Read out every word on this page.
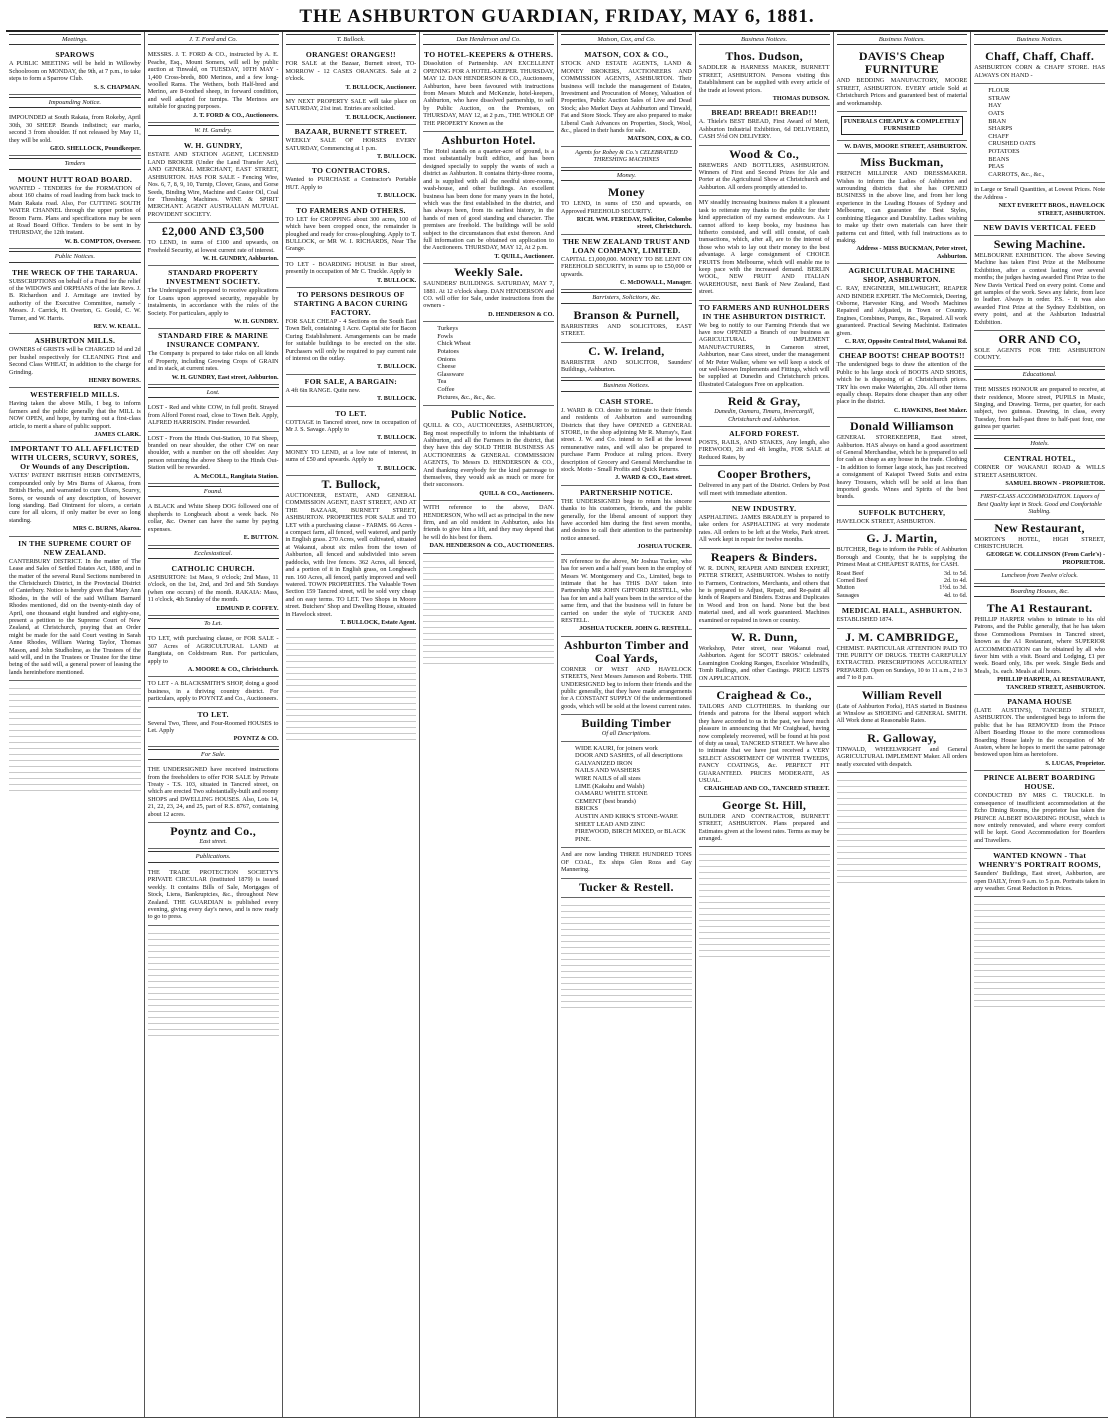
THE ASHBURTON GUARDIAN, FRIDAY, MAY 6, 1881.
Meetings.
SPAROWS
A PUBLIC MEETING will be held in Willowby Schoolroom on MONDAY, the 9th, at 7 p.m., to take steps to form a Sparrow Club.
S. S. CHAPMAN.
Impounding Notice.
IMPOUNDED at South Rakaia, from Rokeby, April 30th, 30 SHEEP. Brands indistinct; ear marks, second 3 from shoulder. If not released by May 11, they will be sold.
GEO. SHELLOCK, Poundkeeper.
Tenders
MOUNT HUTT ROAD BOARD.
WANTED - TENDERS for the FORMATION of about 160 chains of road leading from back track to Main Rakaia road. Also, For CUTTING SOUTH WATER CHANNEL through the upper portion of Broom Farm. Plans and specifications may be seen at Road Board Office. Tenders to be sent in by THURSDAY, the 12th instant.
W. B. COMPTON, Overseer.
Public Notices.
THE WRECK OF THE TARARUA.
SUBSCRIPTIONS on behalf of a Fund for the relief of the WIDOWS and ORPHANS of the late Revs. J. B. Richardson and J. Armitage are invited by authority of the Executive Committee, namely - Messrs. J. Carrick, H. Overton, G. Gould, C. W. Turner, and W. Harris.
REV. W. KEALL.
ASHBURTON MILLS.
OWNERS of GRISTS will be CHARGED 1d and 2d per bushel respectively for CLEANING First and Second Class WHEAT, in addition to the charge for Grinding.
HENRY BOWERS.
WESTERFIELD MILLS.
Having taken the above Mills, I beg to inform farmers and the public generally that the MILL is NOW OPEN, and hope, by turning out a first-class article, to merit a share of public support.
JAMES CLARK.
IMPORTANT TO ALL AFFLICTED WITH ULCERS, SCURVY, SORES, Or Wounds of any Description.
YATES' PATENT BRITISH HERB OINTMENTS, compounded only by Mrs Burns of Akaroa, from British Herbs, and warranted to cure Ulcers, Scurvy, Sores, or wounds of any description, of however long standing. Bad Ointment for ulcers, a certain cure for all ulcers, if only matter be ever so long standing.
MRS C. BURNS, Akaroa.
IN THE SUPREME COURT OF NEW ZEALAND.
CANTERBURY DISTRICT. In the matter of The Lease and Sales of Settled Estates Act, 1880, and in the matter of the several Rural Sections numbered in the Christchurch District, in the Provincial District of Canterbury. Notice is hereby given that Mary Ann Rhodes, in the will of the said William Barnard Rhodes mentioned, did on the twenty-ninth day of April, one thousand eight hundred and eighty-one, present a petition to the Supreme Court of New Zealand, at Christchurch, praying that an Order might be made for the said Court vesting in Sarah Anne Rhodes, William Waring Taylor, Thomas Mason, and John Studholme, as the Trustees of the said will, and in the Trustees or Trustee for the time being of the said will, a general power of leasing the lands hereinbefore mentioned.
J. T. Ford and Co.
MESSRS. J. T. FORD & CO., instructed by A. E. Peache, Esq., Mount Somers, will sell by public auction at Tinwald, on TUESDAY, 10TH MAY - 1,400 Cross-breds, 800 Merinos, and a few long-woolled Rams. The Wethers, both Half-bred and Merino, are 8-toothed sheep, in forward condition, and well adapted for turnips. The Merinos are suitable for grazing purposes.
J. T. FORD & CO., Auctioneers.
W. H. Gundry.
W. H. GUNDRY,
ESTATE AND STATION AGENT, LICENSED LAND BROKER (Under the Land Transfer Act), AND GENERAL MERCHANT, EAST STREET, ASHBURTON. HAS FOR SALE - Fencing Wire, Nos. 6, 7, 8, 9, 10, Turnip, Clover, Grass, and Gorse Seeds, Binding Wire, Machine and Castor Oil, Coal for Threshing Machines. WINE & SPIRIT MERCHANT. AGENT AUSTRALIAN MUTUAL PROVIDENT SOCIETY.
£2,000 AND £3,500
TO LEND, in sums of £100 and upwards, on Freehold Security, at lowest current rate of interest.
W. H. GUNDRY, Ashburton.
STANDARD PROPERTY INVESTMENT SOCIETY.
The Undersigned is prepared to receive applications for Loans upon approved security, repayable by instalments, in accordance with the rules of the Society. For particulars, apply to
W. H. GUNDRY.
STANDARD FIRE & MARINE INSURANCE COMPANY.
The Company is prepared to take risks on all kinds of Property, including Growing Crops of GRAIN and in stack, at current rates.
W. H. GUNDRY, East street, Ashburton.
Lost.
LOST - Red and white COW, in full profit. Strayed from Alford Forest road, close to Town Belt. Apply, ALFRED HARRISON. Finder rewarded.
LOST - From the Hinds Out-Station, 10 Fat Sheep, branded on near shoulder, the other CW on near shoulder, with a number on the off shoulder. Any person returning the above Sheep to the Hinds Out-Station will be rewarded.
A. McCOLL, Rangitata Station.
Found.
A BLACK and White Sheep DOG followed one of shepherds to Longbeach about a week back. No collar, &c. Owner can have the same by paying expenses.
E. BUTTON.
Ecclesiastical.
CATHOLIC CHURCH.
ASHBURTON: 1st Mass, 9 o'clock; 2nd Mass, 11 o'clock, on the 1st, 2nd, and 3rd and 5th Sundays (when one occurs) of the month. RAKAIA: Mass, 11 o'clock, 4th Sunday of the month.
EDMUND P. COFFEY.
To Let.
TO LET, with purchasing clause, or FOR SALE - 307 Acres of AGRICULTURAL LAND at Rangitata, on Coldstream Run. For particulars, apply to
A. MOORE & CO., Christchurch.
TO LET - A BLACKSMITH'S SHOP, doing a good business, in a thriving country district. For particulars, apply to POYNTZ and Co., Auctioneers.
TO LET.
Several Two, Three, and Four-Roomed HOUSES to Let. Apply
POYNTZ & CO.
For Sale.
THE UNDERSIGNED have received instructions from the freeholders to offer FOR SALE by Private Treaty - T.S. 103, situated in Tancred street, on which are erected Two substantially-built and roomy SHOPS and DWELLING HOUSES. Also, Lots 14, 21, 22, 23, 24, and 25, part of R.S. 8767, containing about 12 acres.
Poyntz and Co.,
East street.
Publications.
THE TRADE PROTECTION SOCIETY'S PRIVATE CIRCULAR (instituted 1879) is issued weekly. It contains Bills of Sale, Mortgages of Stock, Liens, Bankruptcies, &c., throughout New Zealand. THE GUARDIAN is published every evening, giving every day's news, and is now ready to go to press.
T. Bullock.
ORANGES! ORANGES!!
FOR SALE at the Bazaar, Burnett street, TO-MORROW - 12 CASES ORANGES. Sale at 2 o'clock.
T. BULLOCK, Auctioneer.
MY NEXT PROPERTY SALE will take place on SATURDAY, 21st inst. Entries are solicited.
T. BULLOCK, Auctioneer.
BAZAAR, BURNETT STREET.
WEEKLY SALE OF HORSES EVERY SATURDAY, Commencing at 1 p.m.
T. BULLOCK.
TO CONTRACTORS.
Wanted to PURCHASE a Contractor's Portable HUT. Apply to
T. BULLOCK.
TO FARMERS AND OTHERS.
TO LET for CROPPING about 300 acres, 100 of which have been cropped once, the remainder is ploughed and ready for cross-ploughing. Apply to T. BULLOCK, or MR W. I. RICHARDS, Near The Grange.
TO LET - BOARDING HOUSE in Bur street, presently in occupation of Mr C. Truckle. Apply to
T. BULLOCK.
TO PERSONS DESIROUS OF STARTING A BACON CURING FACTORY.
FOR SALE CHEAP - 4 Sections on the South East Town Belt, containing 1 Acre. Capital site for Bacon Curing Establishment. Arrangements can be made for suitable buildings to be erected on the site. Purchasers will only be required to pay current rate of interest on the outlay.
T. BULLOCK.
FOR SALE, A BARGAIN:
A 4ft 6in RANGE. Quite new.
T. BULLOCK.
TO LET.
COTTAGE in Tancred street, now in occupation of Mr J. S. Savage. Apply to
T. BULLOCK.
MONEY TO LEND, at a low rate of interest, in sums of £50 and upwards. Apply to
T. BULLOCK.
T. Bullock,
AUCTIONEER, ESTATE, AND GENERAL COMMISSION AGENT, EAST STREET, AND AT THE BAZAAR, BURNETT STREET, ASHBURTON. PROPERTIES FOR SALE and TO LET with a purchasing clause - FARMS. 66 Acres - a compact farm, all fenced, well watered, and partly in English grass. 270 Acres, well cultivated, situated at Wakanui, about six miles from the town of Ashburton, all fenced and subdivided into seven paddocks, with live fences. 362 Acres, all fenced, and a portion of it in English grass, on Longbeach run. 160 Acres, all fenced, partly improved and well watered. TOWN PROPERTIES. The Valuable Town Section 159 Tancred street, will be sold very cheap and on easy terms. TO LET. Two Shops in Moore street. Butchers' Shop and Dwelling House, situated in Havelock street.
T. BULLOCK, Estate Agent.
Dan Henderson and Co.
TO HOTEL-KEEPERS & OTHERS.
Dissolution of Partnership. AN EXCELLENT OPENING FOR A HOTEL-KEEPER. THURSDAY, MAY 12. DAN HENDERSON & CO., Auctioneers, Ashburton, have been favoured with instructions from Messrs Mutch and McKenzie, hotel-keepers, Ashburton, who have dissolved partnership, to sell by Public Auction, on the Premises, on THURSDAY, MAY 12, at 2 p.m., THE WHOLE OF THE PROPERTY Known as the
Ashburton Hotel.
The Hotel stands on a quarter-acre of ground, is a most substantially built edifice, and has been designed specially to supply the wants of such a district as Ashburton. It contains thirty-three rooms, and is supplied with all the needful store-rooms, wash-house, and other buildings. An excellent business has been done for many years in the hotel, which was the first established in the district, and has always been, from its earliest history, in the hands of men of good standing and character. The premises are freehold. The buildings will be sold subject to the circumstances that exist thereon. And full information can be obtained on application to the Auctioneers. THURSDAY, MAY 12, At 2 p.m.
T. QUILL, Auctioneer.
Weekly Sale.
SAUNDERS' BUILDINGS. SATURDAY, MAY 7, 1881. At 12 o'clock sharp. DAN HENDERSON and CO. will offer for Sale, under instructions from the owners -
D. HENDERSON & CO.
Turkeys
Fowls
Chick Wheat
Potatoes
Onions
Cheese
Glassware
Tea
Coffee
Pictures, &c., &c., &c.
Public Notice.
QUILL & CO., AUCTIONEERS, ASHBURTON, Beg most respectfully to inform the inhabitants of Ashburton, and all the Farmers in the district, that they have this day SOLD THEIR BUSINESS AS AUCTIONEERS & GENERAL COMMISSION AGENTS, To Messrs D. HENDERSON & CO., And thanking everybody for the kind patronage to themselves, they would ask as much or more for their successors.
QUILL & CO., Auctioneers.
WITH reference to the above, DAN. HENDERSON, Who will act as principal in the new firm, and an old resident in Ashburton, asks his friends to give him a lift, and they may depend that he will do his best for them.
DAN. HENDERSON & CO., AUCTIONEERS.
Matson, Cox, and Co.
MATSON, COX & CO.,
STOCK AND ESTATE AGENTS, LAND & MONEY BROKERS, AUCTIONEERS AND COMMISSION AGENTS, ASHBURTON. Their business will include the management of Estates, Investment and Procuration of Money, Valuation of Properties, Public Auction Sales of Live and Dead Stock; also Market Days at Ashburton and Tinwald, Fat and Store Stock. They are also prepared to make Liberal Cash Advances on Properties, Stock, Wool, &c., placed in their hands for sale.
MATSON, COX, & CO.
Agents for Robey & Co.'s CELEBRATED THRESHING MACHINES
Money.
Money
TO LEND, in sums of £50 and upwards, on Approved FREEHOLD SECURITY.
RICH. WM. FEREDAY, Solicitor, Colombo street, Christchurch.
THE NEW ZEALAND TRUST AND LOAN COMPANY, LIMITED.
CAPITAL £1,000,000. MONEY TO BE LENT ON FREEHOLD SECURITY, in sums up to £50,000 or upwards.
C. McDOWALL, Manager.
Barristers, Solicitors, &c.
Branson & Purnell,
BARRISTERS AND SOLICITORS, EAST STREET.
C. W. Ireland,
BARRISTER AND SOLICITOR, Saunders' Buildings, Ashburton.
Business Notices.
CASH STORE.
J. WARD & CO. desire to intimate to their friends and residents of Ashburton and surrounding Districts that they have OPENED a GENERAL STORE, in the shop adjoining Mr R. Murray's, East street. J. W. and Co. intend to Sell at the lowest remunerative rates, and will also be prepared to purchase Farm Produce at ruling prices. Every description of Grocery and General Merchandise in stock. Motto - Small Profits and Quick Returns.
J. WARD & CO., East street.
PARTNERSHIP NOTICE.
THE UNDERSIGNED begs to return his sincere thanks to his customers, friends, and the public generally, for the liberal amount of support they have accorded him during the first seven months, and desires to call their attention to the partnership notice annexed.
JOSHUA TUCKER.
IN reference to the above, Mr Joshua Tucker, who has for seven and a half years been in the employ of Messrs W. Montgomery and Co., Limited, begs to intimate that he has THIS DAY taken into Partnership MR JOHN GIFFORD RESTELL, who has for ten and a half years been in the service of the same firm, and that the business will in future be carried on under the style of TUCKER AND RESTELL.
JOSHUA TUCKER. JOHN G. RESTELL.
Ashburton Timber and Coal Yards,
CORNER OF WEST AND HAVELOCK STREETS, Next Messrs Jameson and Roberts. THE UNDERSIGNED beg to inform their friends and the public generally, that they have made arrangements for A CONSTANT SUPPLY Of the undermentioned goods, which will be sold at the lowest current rates.
Building Timber
Of all Descriptions.
WIDE KAURI, for joiners work
DOOR AND SASHES, of all descriptions
GALVANIZED IRON
NAILS AND WASHERS
WIRE NAILS of all sizes
LIME (Kakahu and Walsh)
OAMARU WHITE STONE
CEMENT (best brands)
BRICKS
AUSTIN AND KIRK'S STONE-WARE
SHEET LEAD AND ZINC
FIREWOOD, BIRCH MIXED, or BLACK PINE.
And are now landing THREE HUNDRED TONS OF COAL, Ex ships Glen Roza and Gay Mannering.
Tucker & Restell.
Business Notices.
Thos. Dudson,
SADDLER & HARNESS MAKER, BURNETT STREET, ASHBURTON. Persons visiting this Establishment can be supplied with every article of the trade at lowest prices.
THOMAS DUDSON.
BREAD! BREAD!! BREAD!!!
A. Thiele's BEST BREAD, First Award of Merit, Ashburton Industrial Exhibition, 6d DELIVERED, CASH 5½d ON DELIVERY.
Wood & Co.,
BREWERS AND BOTTLERS, ASHBURTON. Winners of First and Second Prizes for Ale and Porter at the Agricultural Show at Christchurch and Ashburton. All orders promptly attended to.
MY steadily increasing business makes it a pleasant task to reiterate my thanks to the public for their kind appreciation of my earnest endeavours. As I cannot afford to keep books, my business has hitherto consisted, and will still consist, of cash transactions, which, after all, are to the interest of those who wish to lay out their money to the best advantage. A large consignment of CHOICE FRUITS from Melbourne, which will enable me to keep pace with the increased demand. BERLIN WOOL, NEW FRUIT AND ITALIAN WAREHOUSE, next Bank of New Zealand, East street.
TO FARMERS AND RUNHOLDERS IN THE ASHBURTON DISTRICT.
We beg to notify to our Farming Friends that we have now OPENED a Branch of our business as AGRICULTURAL IMPLEMENT MANUFACTURERS, in Cameron street, Ashburton, near Cass street, under the management of Mr Peter Walker, where we will keep a stock of our well-known Implements and Fittings, which will be supplied at Dunedin and Christchurch prices. Illustrated Catalogues Free on application.
Reid & Gray,
Dunedin, Oamaru, Timaru, Invercargill, Christchurch and Ashburton.
ALFORD FOREST.
POSTS, RAILS, AND STAKES, Any length, also FIREWOOD, 2ft and 4ft lengths, FOR SALE at Reduced Rates, by
Cooper Brothers,
Delivered in any part of the District. Orders by Post will meet with immediate attention.
NEW INDUSTRY.
ASPHALTING. JAMES BRADLEY is prepared to take orders for ASPHALTING at very moderate rates. All orders to be left at the Works, Park street. All work kept in repair for twelve months.
Reapers & Binders.
W. R. DUNN, REAPER AND BINDER EXPERT, PETER STREET, ASHBURTON. Wishes to notify to Farmers, Contractors, Merchants, and others that he is prepared to Adjust, Repair, and Re-paint all kinds of Reapers and Binders. Extras and Duplicates in Wood and Iron on hand. None but the best material used, and all work guaranteed. Machines examined or repaired in town or country.
W. R. Dunn,
Workshop, Peter street, near Wakanui road, Ashburton. Agent for SCOTT BROS.' celebrated Leamington Cooking Ranges, Excelsior Windmill's, Tomb Railings, and other Castings. PRICE LISTS ON APPLICATION.
Craighead & Co.,
TAILORS AND CLOTHIERS. In thanking our friends and patrons for the liberal support which they have accorded to us in the past, we have much pleasure in announcing that Mr Craighead, having now completely recovered, will be found at his post of duty as usual, TANCRED STREET. We have also to intimate that we have just received a VERY SELECT ASSORTMENT OF WINTER TWEEDS, FANCY COATINGS, &c. PERFECT FIT GUARANTEED. PRICES MODERATE, AS USUAL.
CRAIGHEAD AND CO., TANCRED STREET.
George St. Hill,
BUILDER AND CONTRACTOR, BURNETT STREET, ASHBURTON. Plans prepared and Estimates given at the lowest rates. Terms as may be arranged.
Business Notices.
DAVIS'S Cheap FURNITURE
AND BEDDING MANUFACTORY, MOORE STREET, ASHBURTON. EVERY article Sold at Christchurch Prices and guaranteed best of material and workmanship.
FUNERALS CHEAPLY & COMPLETELY FURNISHED
W. DAVIS, MOORE STREET, ASHBURTON.
Miss Buckman,
FRENCH MILLINER AND DRESSMAKER. Wishes to inform the Ladies of Ashburton and surrounding districts that she has OPENED BUSINESS in the above line, and from her long experience in the Leading Houses of Sydney and Melbourne, can guarantee the Best Styles, combining Elegance and Durability. Ladies wishing to make up their own materials can have their patterns cut and fitted, with full instructions as to making.
Address - MISS BUCKMAN, Peter street, Ashburton.
AGRICULTURAL MACHINE SHOP, ASHBURTON.
C. RAY, ENGINEER, MILLWRIGHT, REAPER AND BINDER EXPERT. The McCormick, Deering, Osborne, Harvester King, and Wood's Machines Repaired and Adjusted, in Town or Country. Engines, Combines, Pumps, &c., Repaired. All work guaranteed. Practical Sewing Machinist. Estimates given.
C. RAY, Opposite Central Hotel, Wakanui Rd.
CHEAP BOOTS! CHEAP BOOTS!!
The undersigned begs to draw the attention of the Public to his large stock of BOOTS AND SHOES, which he is disposing of at Christchurch prices. TRY his own make Waterights, 20s. All other items equally cheap. Repairs done cheaper than any other place in the district.
C. HAWKINS, Boot Maker.
Donald Williamson
GENERAL STOREKEEPER, East street, Ashburton. HAS always on hand a good assortment of General Merchandise, which he is prepared to sell for cash as cheap as any house in the trade. Clothing - In addition to former large stock, has just received a consignment of Kaiapoi Tweed Suits and extra heavy Trousers, which will be sold at less than imported goods. Wines and Spirits of the best brands.
SUFFOLK BUTCHERY,
HAVELOCK STREET, ASHBURTON.
G. J. Martin,
BUTCHER, Begs to inform the Public of Ashburton Borough and County, that he is supplying the Primest Meat at CHEAPEST RATES, for CASH.
Roast Beef	3d. to 5d.
Corned Beef	2d. to 4d.
Mutton	1½d. to 3d.
Sausages	4d. to 6d.
MEDICAL HALL, ASHBURTON.
ESTABLISHED 1874.
J. M. CAMBRIDGE,
CHEMIST. PARTICULAR ATTENTION PAID TO THE PURITY OF DRUGS. TEETH CAREFULLY EXTRACTED. PRESCRIPTIONS ACCURATELY PREPARED. Open on Sundays, 10 to 11 a.m., 2 to 3 and 7 to 8 p.m.
William Revell
(Late of Ashburton Forks), HAS started in Business at Winslow as SHOEING and GENERAL SMITH. All Work done at Reasonable Rates.
R. Galloway,
TINWALD, WHEELWRIGHT and General AGRICULTURAL IMPLEMENT Maker. All orders neatly executed with despatch.
Business Notices.
Chaff, Chaff, Chaff.
ASHBURTON CORN & CHAFF STORE. HAS ALWAYS ON HAND -
FLOUR
STRAW
HAY
OATS
BRAN
SHARPS
CHAFF
CRUSHED OATS
POTATOES
BEANS
PEAS
CARROTS, &c., &c.,
in Large or Small Quantities, at Lowest Prices. Note the Address -
NEXT EVERETT BROS., HAVELOCK STREET, ASHBURTON.
NEW DAVIS VERTICAL FEED
Sewing Machine.
MELBOURNE EXHIBITION. The above Sewing Machine has taken First Prize at the Melbourne Exhibition, after a contest lasting over several months; the judges having awarded First Prize to the New Davis Vertical Feed on every point. Come and get samples of the work. Sews any fabric, from lace to leather. Always in order. P.S. - It was also awarded First Prize at the Sydney Exhibition, on every point, and at the Ashburton Industrial Exhibition.
ORR AND CO,
SOLE AGENTS FOR THE ASHBURTON COUNTY.
Educational.
THE MISSES HONOUR are prepared to receive, at their residence, Moore street, PUPILS in Music, Singing, and Drawing. Terms, per quarter, for each subject, two guineas. Drawing, in class, every Tuesday, from half-past three to half-past four, one guinea per quarter.
Hotels.
CENTRAL HOTEL,
CORNER OF WAKANUI ROAD & WILLS STREET ASHBURTON.
SAMUEL BROWN - PROPRIETOR.
FIRST-CLASS ACCOMMODATION. Liquors of Best Quality kept in Stock. Good and Comfortable Stabling.
New Restaurant,
MORTON'S HOTEL, HIGH STREET, CHRISTCHURCH.
GEORGE W. COLLINSON (From Carle's) - PROPRIETOR.
Luncheon from Twelve o'clock.
Boarding Houses, &c.
The A1 Restaurant.
PHILLIP HARPER wishes to intimate to his old Patrons, and the Public generally, that he has taken those Commodious Premises in Tancred street, known as the A1 Restaurant, where SUPERIOR ACCOMMODATION can be obtained by all who favor him with a visit. Board and Lodging, £1 per week. Board only, 18s. per week. Single Beds and Meals, 1s. each. Meals at all hours.
PHILLIP HARPER, A1 RESTAURANT, TANCRED STREET, ASHBURTON.
PANAMA HOUSE
(LATE AUSTIN'S), TANCRED STREET, ASHBURTON. The undersigned begs to inform the public that he has REMOVED from the Prince Albert Boarding House to the more commodious Boarding House lately in the occupation of Mr Austen, where he hopes to merit the same patronage bestowed upon him as heretofore.
S. LUCAS, Proprietor.
PRINCE ALBERT BOARDING HOUSE.
CONDUCTED BY MRS C. TRUCKLE. In consequence of insufficient accommodation at the Echo Dining Rooms, the proprietor has taken the PRINCE ALBERT BOARDING HOUSE, which is now entirely renovated, and where every comfort will be kept. Good Accommodation for Boarders and Travellers.
WANTED KNOWN - That WHENRY'S PORTRAIT ROOMS,
Saunders' Buildings, East street, Ashburton, are open DAILY, from 9 a.m. to 5 p.m. Portraits taken in any weather. Great Reduction in Prices.
